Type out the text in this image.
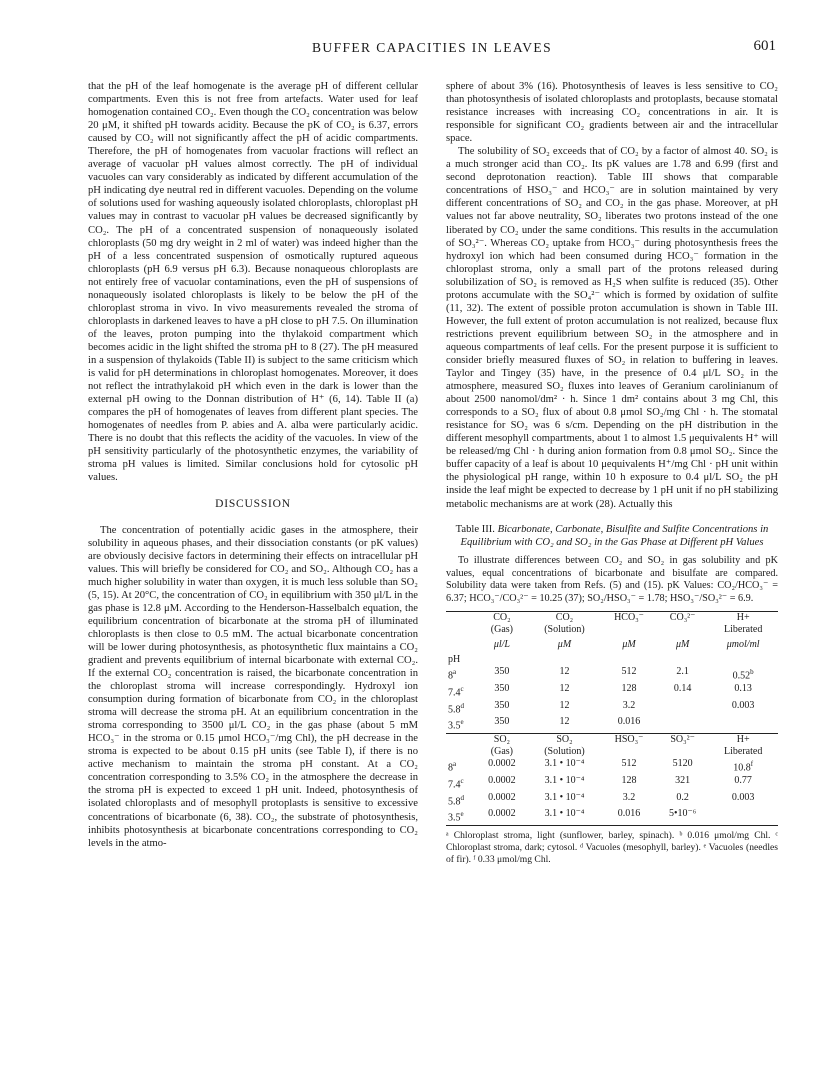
BUFFER CAPACITIES IN LEAVES	601

that the pH of the leaf homogenate is the average pH of different cellular compartments. Even this is not free from artefacts. Water used for leaf homogenation contained CO₂. Even though the CO₂ concentration was below 20 μM, it shifted pH towards acidity. Because the pK of CO₂ is 6.37, errors caused by CO₂ will not significantly affect the pH of acidic compartments. Therefore, the pH of homogenates from vacuolar fractions will reflect an average of vacuolar pH values almost correctly. The pH of individual vacuoles can vary considerably as indicated by different accumulation of the pH indicating dye neutral red in different vacuoles. Depending on the volume of solutions used for washing aqueously isolated chloroplasts, chloroplast pH values may in contrast to vacuolar pH values be decreased significantly by CO₂. The pH of a concentrated suspension of nonaqueously isolated chloroplasts (50 mg dry weight in 2 ml of water) was indeed higher than the pH of a less concentrated suspension of osmotically ruptured aqueous chloroplasts (pH 6.9 versus pH 6.3). Because nonaqueous chloroplasts are not entirely free of vacuolar contaminations, even the pH of suspensions of nonaqueously isolated chloroplasts is likely to be below the pH of the chloroplast stroma in vivo. In vivo measurements revealed the stroma of chloroplasts in darkened leaves to have a pH close to pH 7.5. On illumination of the leaves, proton pumping into the thylakoid compartment which becomes acidic in the light shifted the stroma pH to 8 (27). The pH measured in a suspension of thylakoids (Table II) is subject to the same criticism which is valid for pH determinations in chloroplast homogenates. Moreover, it does not reflect the intrathylakoid pH which even in the dark is lower than the external pH owing to the Donnan distribution of H⁺ (6, 14). Table II (a) compares the pH of homogenates of leaves from different plant species. The homogenates of needles from P. abies and A. alba were particularly acidic. There is no doubt that this reflects the acidity of the vacuoles. In view of the pH sensitivity particularly of the photosynthetic enzymes, the variability of stroma pH values is limited. Similar conclusions hold for cytosolic pH values.

DISCUSSION

The concentration of potentially acidic gases in the atmosphere, their solubility in aqueous phases, and their dissociation constants (or pK values) are obviously decisive factors in determining their effects on intracellular pH values. This will briefly be considered for CO₂ and SO₂. Although CO₂ has a much higher solubility in water than oxygen, it is much less soluble than SO₂ (5, 15). At 20°C, the concentration of CO₂ in equilibrium with 350 μl/L in the gas phase is 12.8 μM. According to the Henderson-Hasselbalch equation, the equilibrium concentration of bicarbonate at the stroma pH of illuminated chloroplasts is then close to 0.5 mM. The actual bicarbonate concentration will be lower during photosynthesis, as photosynthetic flux maintains a CO₂ gradient and prevents equilibrium of internal bicarbonate with external CO₂. If the external CO₂ concentration is raised, the bicarbonate concentration in the chloroplast stroma will increase correspondingly. Hydroxyl ion consumption during formation of bicarbonate from CO₂ in the chloroplast stroma will decrease the stroma pH. At an equilibrium concentration in the stroma corresponding to 3500 μl/L CO₂ in the gas phase (about 5 mM HCO₃⁻ in the stroma or 0.15 μmol HCO₃⁻/mg Chl), the pH decrease in the stroma is expected to be about 0.15 pH units (see Table I), if there is no active mechanism to maintain the stroma pH constant. At a CO₂ concentration corresponding to 3.5% CO₂ in the atmosphere the decrease in the stroma pH is expected to exceed 1 pH unit. Indeed, photosynthesis of isolated chloroplasts and of mesophyll protoplasts is sensitive to excessive concentrations of bicarbonate (6, 38). CO₂, the substrate of photosynthesis, inhibits photosynthesis at bicarbonate concentrations corresponding to CO₂ levels in the atmo-

sphere of about 3% (16). Photosynthesis of leaves is less sensitive to CO₂ than photosynthesis of isolated chloroplasts and protoplasts, because stomatal resistance increases with increasing CO₂ concentrations in air. It is responsible for significant CO₂ gradients between air and the intracellular space.

The solubility of SO₂ exceeds that of CO₂ by a factor of almost 40. SO₂ is a much stronger acid than CO₂. Its pK values are 1.78 and 6.99 (first and second deprotonation reaction). Table III shows that comparable concentrations of HSO₃⁻ and HCO₃⁻ are in solution maintained by very different concentrations of SO₂ and CO₂ in the gas phase. Moreover, at pH values not far above neutrality, SO₂ liberates two protons instead of the one liberated by CO₂ under the same conditions. This results in the accumulation of SO₃²⁻. Whereas CO₂ uptake from HCO₃⁻ during photosynthesis frees the hydroxyl ion which had been consumed during HCO₃⁻ formation in the chloroplast stroma, only a small part of the protons released during solubilization of SO₂ is removed as H₂S when sulfite is reduced (35). Other protons accumulate with the SO₄²⁻ which is formed by oxidation of sulfite (11, 32). The extent of possible proton accumulation is shown in Table III. However, the full extent of proton accumulation is not realized, because flux restrictions prevent equilibrium between SO₂ in the atmosphere and in aqueous compartments of leaf cells. For the present purpose it is sufficient to consider briefly measured fluxes of SO₂ in relation to buffering in leaves. Taylor and Tingey (35) have, in the presence of 0.4 μl/L SO₂ in the atmosphere, measured SO₂ fluxes into leaves of Geranium carolinianum of about 2500 nanomol/dm² · h. Since 1 dm² contains about 3 mg Chl, this corresponds to a SO₂ flux of about 0.8 μmol SO₂/mg Chl · h. The stomatal resistance for SO₂ was 6 s/cm. Depending on the pH distribution in the different mesophyll compartments, about 1 to almost 1.5 μequivalents H⁺ will be released/mg Chl · h during anion formation from 0.8 μmol SO₂. Since the buffer capacity of a leaf is about 10 μequivalents H⁺/mg Chl · pH unit within the physiological pH range, within 10 h exposure to 0.4 μl/L SO₂ the pH inside the leaf might be expected to decrease by 1 pH unit if no pH stabilizing metabolic mechanisms are at work (28). Actually this

Table III. Bicarbonate, Carbonate, Bisulfite and Sulfite Concentrations in Equilibrium with CO₂ and SO₂ in the Gas Phase at Different pH Values
To illustrate differences between CO₂ and SO₂ in gas solubility and pK values, equal concentrations of bicarbonate and bisulfate are compared. Solubility data were taken from Refs. (5) and (15). pK Values: CO₂/HCO₃⁻ = 6.37; HCO₃⁻/CO₃²⁻ = 10.25 (37); SO₂/HSO₃⁻ = 1.78; HSO₃⁻/SO₃²⁻ = 6.9.
	CO₂
(Gas)	CO₂
(Solution)	HCO₃⁻	CO₃²⁻	H+
Liberated
	μl/L	μM	μM	μM	μmol/ml
pH					
8$^a$	350	12	512	2.1	0.52$^b$
7.4$^c$	350	12	128	0.14	0.13
5.8$^d$	350	12	3.2		0.003
3.5e	350	12	0.016		
	SO₂
(Gas)	SO₂
(Solution)	HSO₃⁻	SO₃²⁻	H+
Liberated
8$^a$	0.0002	3.1 • 10⁻⁴	512	5120	10.8$^f$
7.4$^c$	0.0002	3.1 • 10⁻⁴	128	321	0.77
5.8$^d$	0.0002	3.1 • 10⁻⁴	3.2	0.2	0.003
3.5e	0.0002	3.1 • 10⁻⁴	0.016	5•10⁻⁶	
ᵃ Chloroplast stroma, light (sunflower, barley, spinach). ᵇ 0.016 μmol/mg Chl. ᶜ Chloroplast stroma, dark; cytosol. ᵈ Vacuoles (mesophyll, barley). ᵉ Vacuoles (needles of fir). ᶠ 0.33 μmol/mg Chl.
